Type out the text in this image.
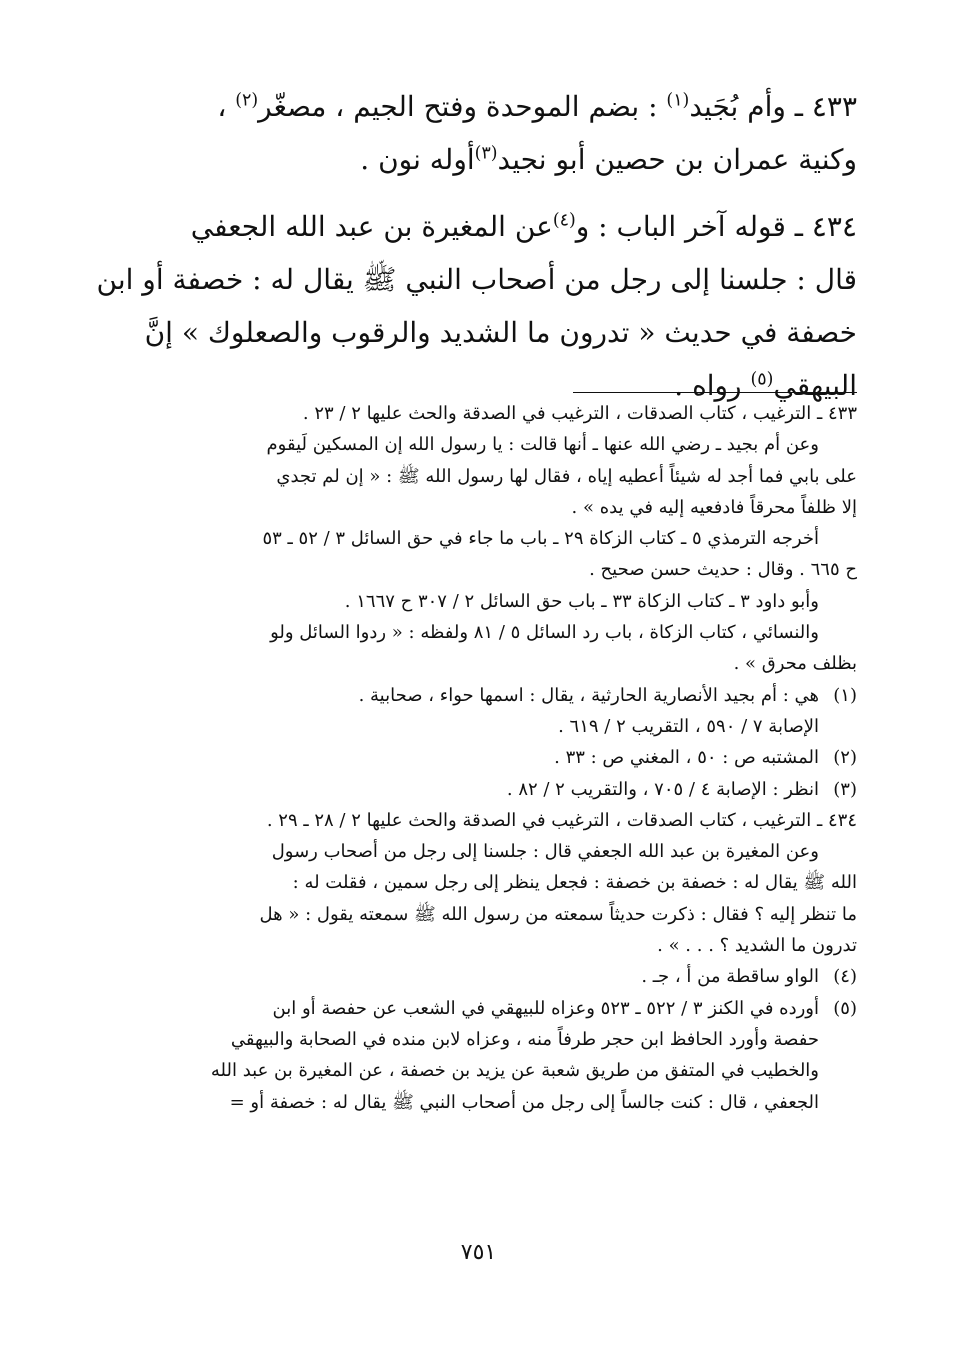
٤٣٣ ـ وأم بُجَيد$^{(١)}$ : بضم الموحدة وفتح الجيم ، مصغّر$^{(٢)}$ ،

وكنية عمران بن حصين أبو نجيد$^{(٣)}$أوله نون .

٤٣٤ ـ قوله آخر الباب : و$^{(٤)}$عن المغيرة بن عبد الله الجعفي

قال : جلسنا إلى رجل من أصحاب النبي ﷺ يقال له : خصفة أو ابن

خصفة في حديث « تدرون ما الشديد والرقوب والصعلوك » إنَّ

البيهقي$^{(٥)}$ رواه .

٤٣٣ ـ الترغيب ، كتاب الصدقات ، الترغيب في الصدقة والحث عليها ٢ / ٢٣ .
وعن أم بجيد ـ رضي الله عنها ـ أنها قالت : يا رسول الله إن المسكين لَيقوم
على بابي فما أجد له شيئاً أعطيه إياه ، فقال لها رسول الله ﷺ : « إن لم تجدي
إلا ظلفاً محرقاً فادفعيه إليه في يده » .
أخرجه الترمذي ٥ ـ كتاب الزكاة ٢٩ ـ باب ما جاء في حق السائل ٣ / ٥٢ ـ ٥٣
ح ٦٦٥ . وقال : حديث حسن صحيح .
وأبو داود ٣ ـ كتاب الزكاة ٣٣ ـ باب حق السائل ٢ / ٣٠٧ ح ١٦٦٧ .
والنسائي ، كتاب الزكاة ، باب رد السائل ٥ / ٨١ ولفظه : « ردوا السائل ولو
بظلف محرق » .
(١)
هي : أم بجيد الأنصارية الحارثية ، يقال : اسمها حواء ، صحابية .
الإصابة ٧ / ٥٩٠ ، التقريب ٢ / ٦١٩ .
(٢)
المشتبه ص : ٥٠ ، المغني ص : ٣٣ .
(٣)
انظر : الإصابة ٤ / ٧٠٥ ، والتقريب ٢ / ٨٢ .
٤٣٤ ـ الترغيب ، كتاب الصدقات ، الترغيب في الصدقة والحث عليها ٢ / ٢٨ ـ ٢٩ .
وعن المغيرة بن عبد الله الجعفي قال : جلسنا إلى رجل من أصحاب رسول
الله ﷺ يقال له : خصفة بن خصفة : فجعل ينظر إلى رجل سمين ، فقلت له :
ما تنظر إليه ؟ فقال : ذكرت حديثاً سمعته من رسول الله ﷺ سمعته يقول : « هل
تدرون ما الشديد ؟ . . . » .
(٤)
الواو ساقطة من أ ، جـ .
(٥)
أورده في الكنز ٣ / ٥٢٢ ـ ٥٢٣ وعزاه للبيهقي في الشعب عن حفصة أو ابن
حفصة وأورد الحافظ ابن حجر طرفاً منه ، وعزاه لابن منده في الصحابة والبيهقي
والخطيب في المتفق من طريق شعبة عن يزيد بن خصفة ، عن المغيرة بن عبد الله
الجعفي ، قال : كنت جالساً إلى رجل من أصحاب النبي ﷺ يقال له : خصفة أو =
٧٥١
